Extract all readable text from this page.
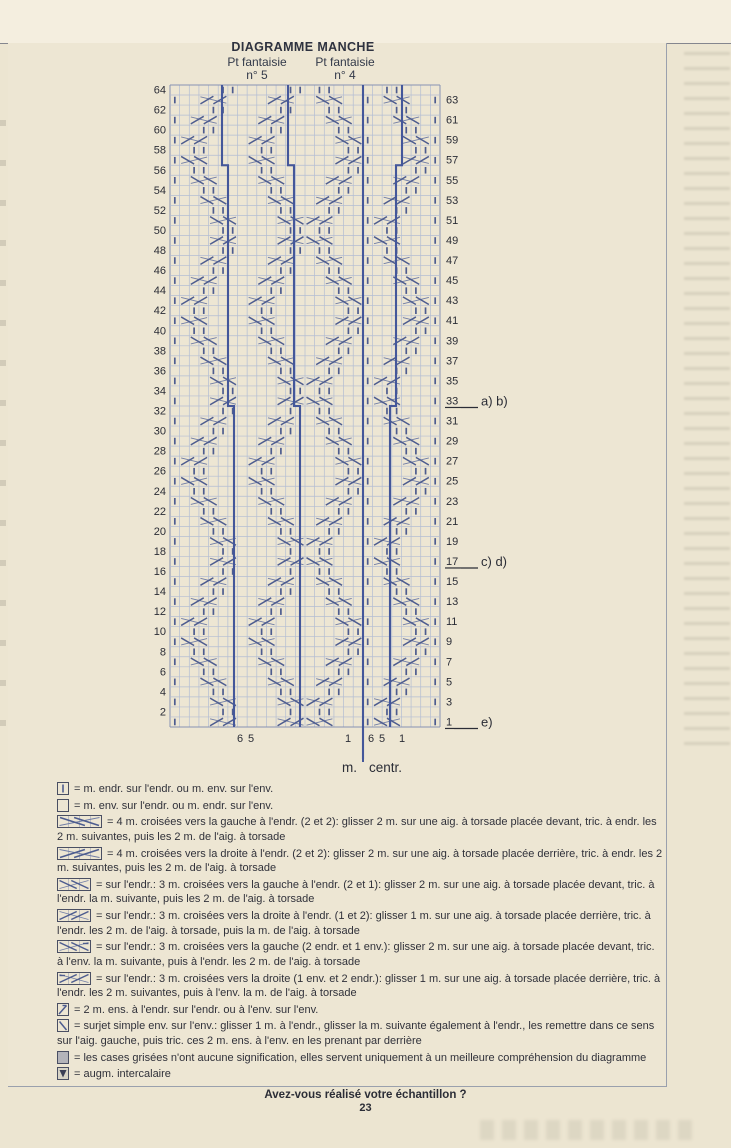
64
62
60
58
56
54
52
50
48
46
44
42
40
38
36
34
32
30
28
26
24
22
20
18
16
14
12
10
8
6
4
2
63
61
59
57
55
53
51
49
47
45
43
41
39
37
35
33 a) b)
31
29
27
25
23
21
19
17 c) d)
15
13
11
9
7
5
3
1 e)
6 5	1 6 5 1
m. centr.
DIAGRAMME MANCHE
Pt fantaisie
n° 5
Pt fantaisie
n° 4
= m. endr. sur l'endr. ou m. env. sur l'env.
= m. env. sur l'endr. ou m. endr. sur l'env.
= 4 m. croisées vers la gauche à l'endr. (2 et 2): glisser 2 m. sur une aig. à torsade placée devant, tric. à endr. les 2 m. suivantes, puis les 2 m. de l'aig. à torsade
= 4 m. croisées vers la droite à l'endr. (2 et 2): glisser 2 m. sur une aig. à torsade placée derrière, tric. à endr. les 2 m. suivantes, puis les 2 m. de l'aig. à torsade
= sur l'endr.: 3 m. croisées vers la gauche à l'endr. (2 et 1): glisser 2 m. sur une aig. à torsade placée devant, tric. à l'endr. la m. suivante, puis les 2 m. de l'aig. à torsade
= sur l'endr.: 3 m. croisées vers la droite à l'endr. (1 et 2): glisser 1 m. sur une aig. à torsade placée derrière, tric. à l'endr. les 2 m. de l'aig. à torsade, puis la m. de l'aig. à torsade
= sur l'endr.: 3 m. croisées vers la gauche (2 endr. et 1 env.): glisser 2 m. sur une aig. à torsade placée devant, tric. à l'env. la m. suivante, puis à l'endr. les 2 m. de l'aig. à torsade
= sur l'endr.: 3 m. croisées vers la droite (1 env. et 2 endr.): glisser 1 m. sur une aig. à torsade placée derrière, tric. à l'endr. les 2 m. suivantes, puis à l'env. la m. de l'aig. à torsade
= 2 m. ens. à l'endr. sur l'endr. ou à l'env. sur l'env.
= surjet simple env. sur l'env.: glisser 1 m. à l'endr., glisser la m. suivante également à l'endr., les remettre dans ce sens sur l'aig. gauche, puis tric. ces 2 m. ens. à l'env. en les prenant par derrière
= les cases grisées n'ont aucune signification, elles servent uniquement à un meilleure compréhension du diagramme
= augm. intercalaire
Avez-vous réalisé votre échantillon ?
23
